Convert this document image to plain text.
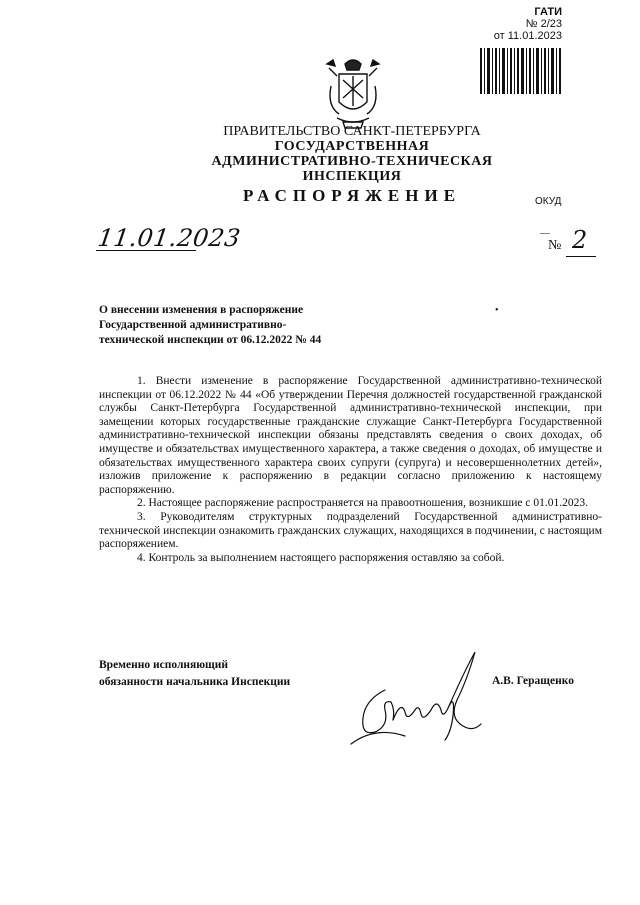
ГАТИ
№ 2/23
от 11.01.2023
ПРАВИТЕЛЬСТВО САНКТ-ПЕТЕРБУРГА
ГОСУДАРСТВЕННАЯ
АДМИНИСТРАТИВНО-ТЕХНИЧЕСКАЯ
ИНСПЕКЦИЯ
РАСПОРЯЖЕНИЕ	ОКУД
11.01.2023	—
№ 2
•
О внесении изменения в распоряжение
Государственной административно-
технической инспекции от 06.12.2022 № 44

1. Внести изменение в распоряжение Государственной административно-технической инспекции от 06.12.2022 № 44 «Об утверждении Перечня должностей государственной гражданской службы Санкт-Петербурга Государственной административно-технической инспекции, при замещении которых государственные гражданские служащие Санкт-Петербурга Государственной административно-технической инспекции обязаны представлять сведения о своих доходах, об имуществе и обязательствах имущественного характера, а также сведения о доходах, об имуществе и обязательствах имущественного характера своих супруги (супруга) и несовершеннолетних детей», изложив приложение к распоряжению в редакции согласно приложению к настоящему распоряжению.

2. Настоящее распоряжение распространяется на правоотношения, возникшие с 01.01.2023.

3. Руководителям структурных подразделений Государственной административно-технической инспекции ознакомить гражданских служащих, находящихся в подчинении, с настоящим распоряжением.

4. Контроль за выполнением настоящего распоряжения оставляю за собой.

Временно исполняющий
обязанности начальника Инспекции	А.В. Геращенко
